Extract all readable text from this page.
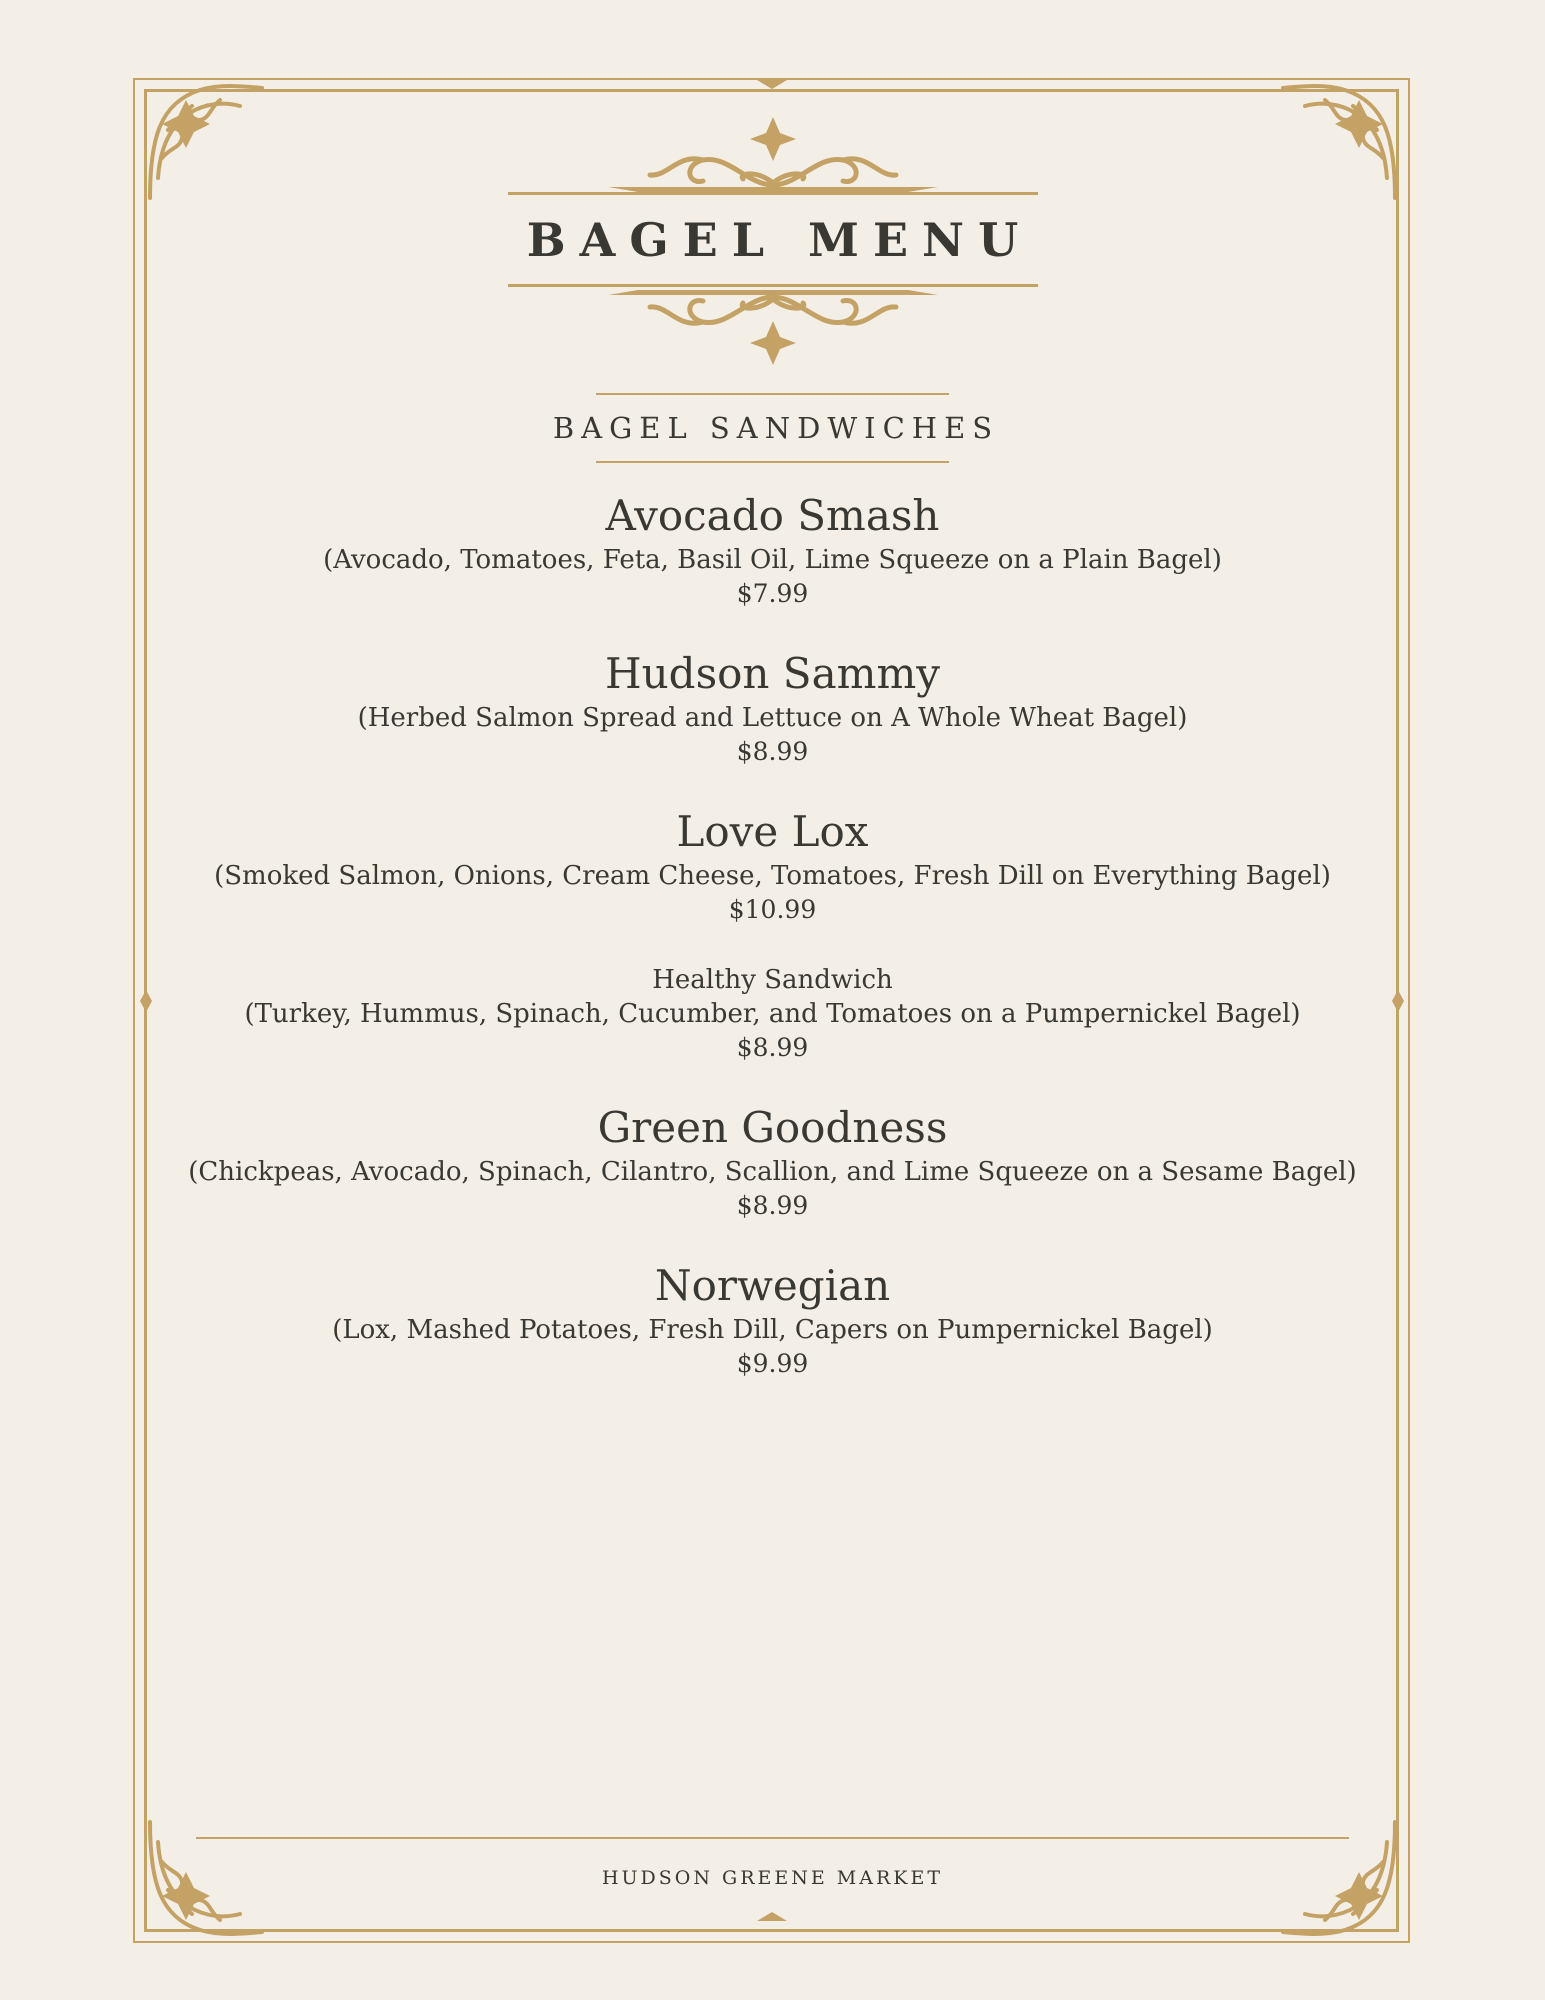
BAGEL MENU
BAGEL SANDWICHES
Avocado Smash
(Avocado, Tomatoes, Feta, Basil Oil, Lime Squeeze on a Plain Bagel)
$7.99
Hudson Sammy
(Herbed Salmon Spread and Lettuce on A Whole Wheat Bagel)
$8.99
Love Lox
(Smoked Salmon, Onions, Cream Cheese, Tomatoes, Fresh Dill on Everything Bagel)
$10.99
Healthy Sandwich
(Turkey, Hummus, Spinach, Cucumber, and Tomatoes on a Pumpernickel Bagel)
$8.99
Green Goodness
(Chickpeas, Avocado, Spinach, Cilantro, Scallion, and Lime Squeeze on a Sesame Bagel)
$8.99
Norwegian
(Lox, Mashed Potatoes, Fresh Dill, Capers on Pumpernickel Bagel)
$9.99
HUDSON GREENE MARKET
